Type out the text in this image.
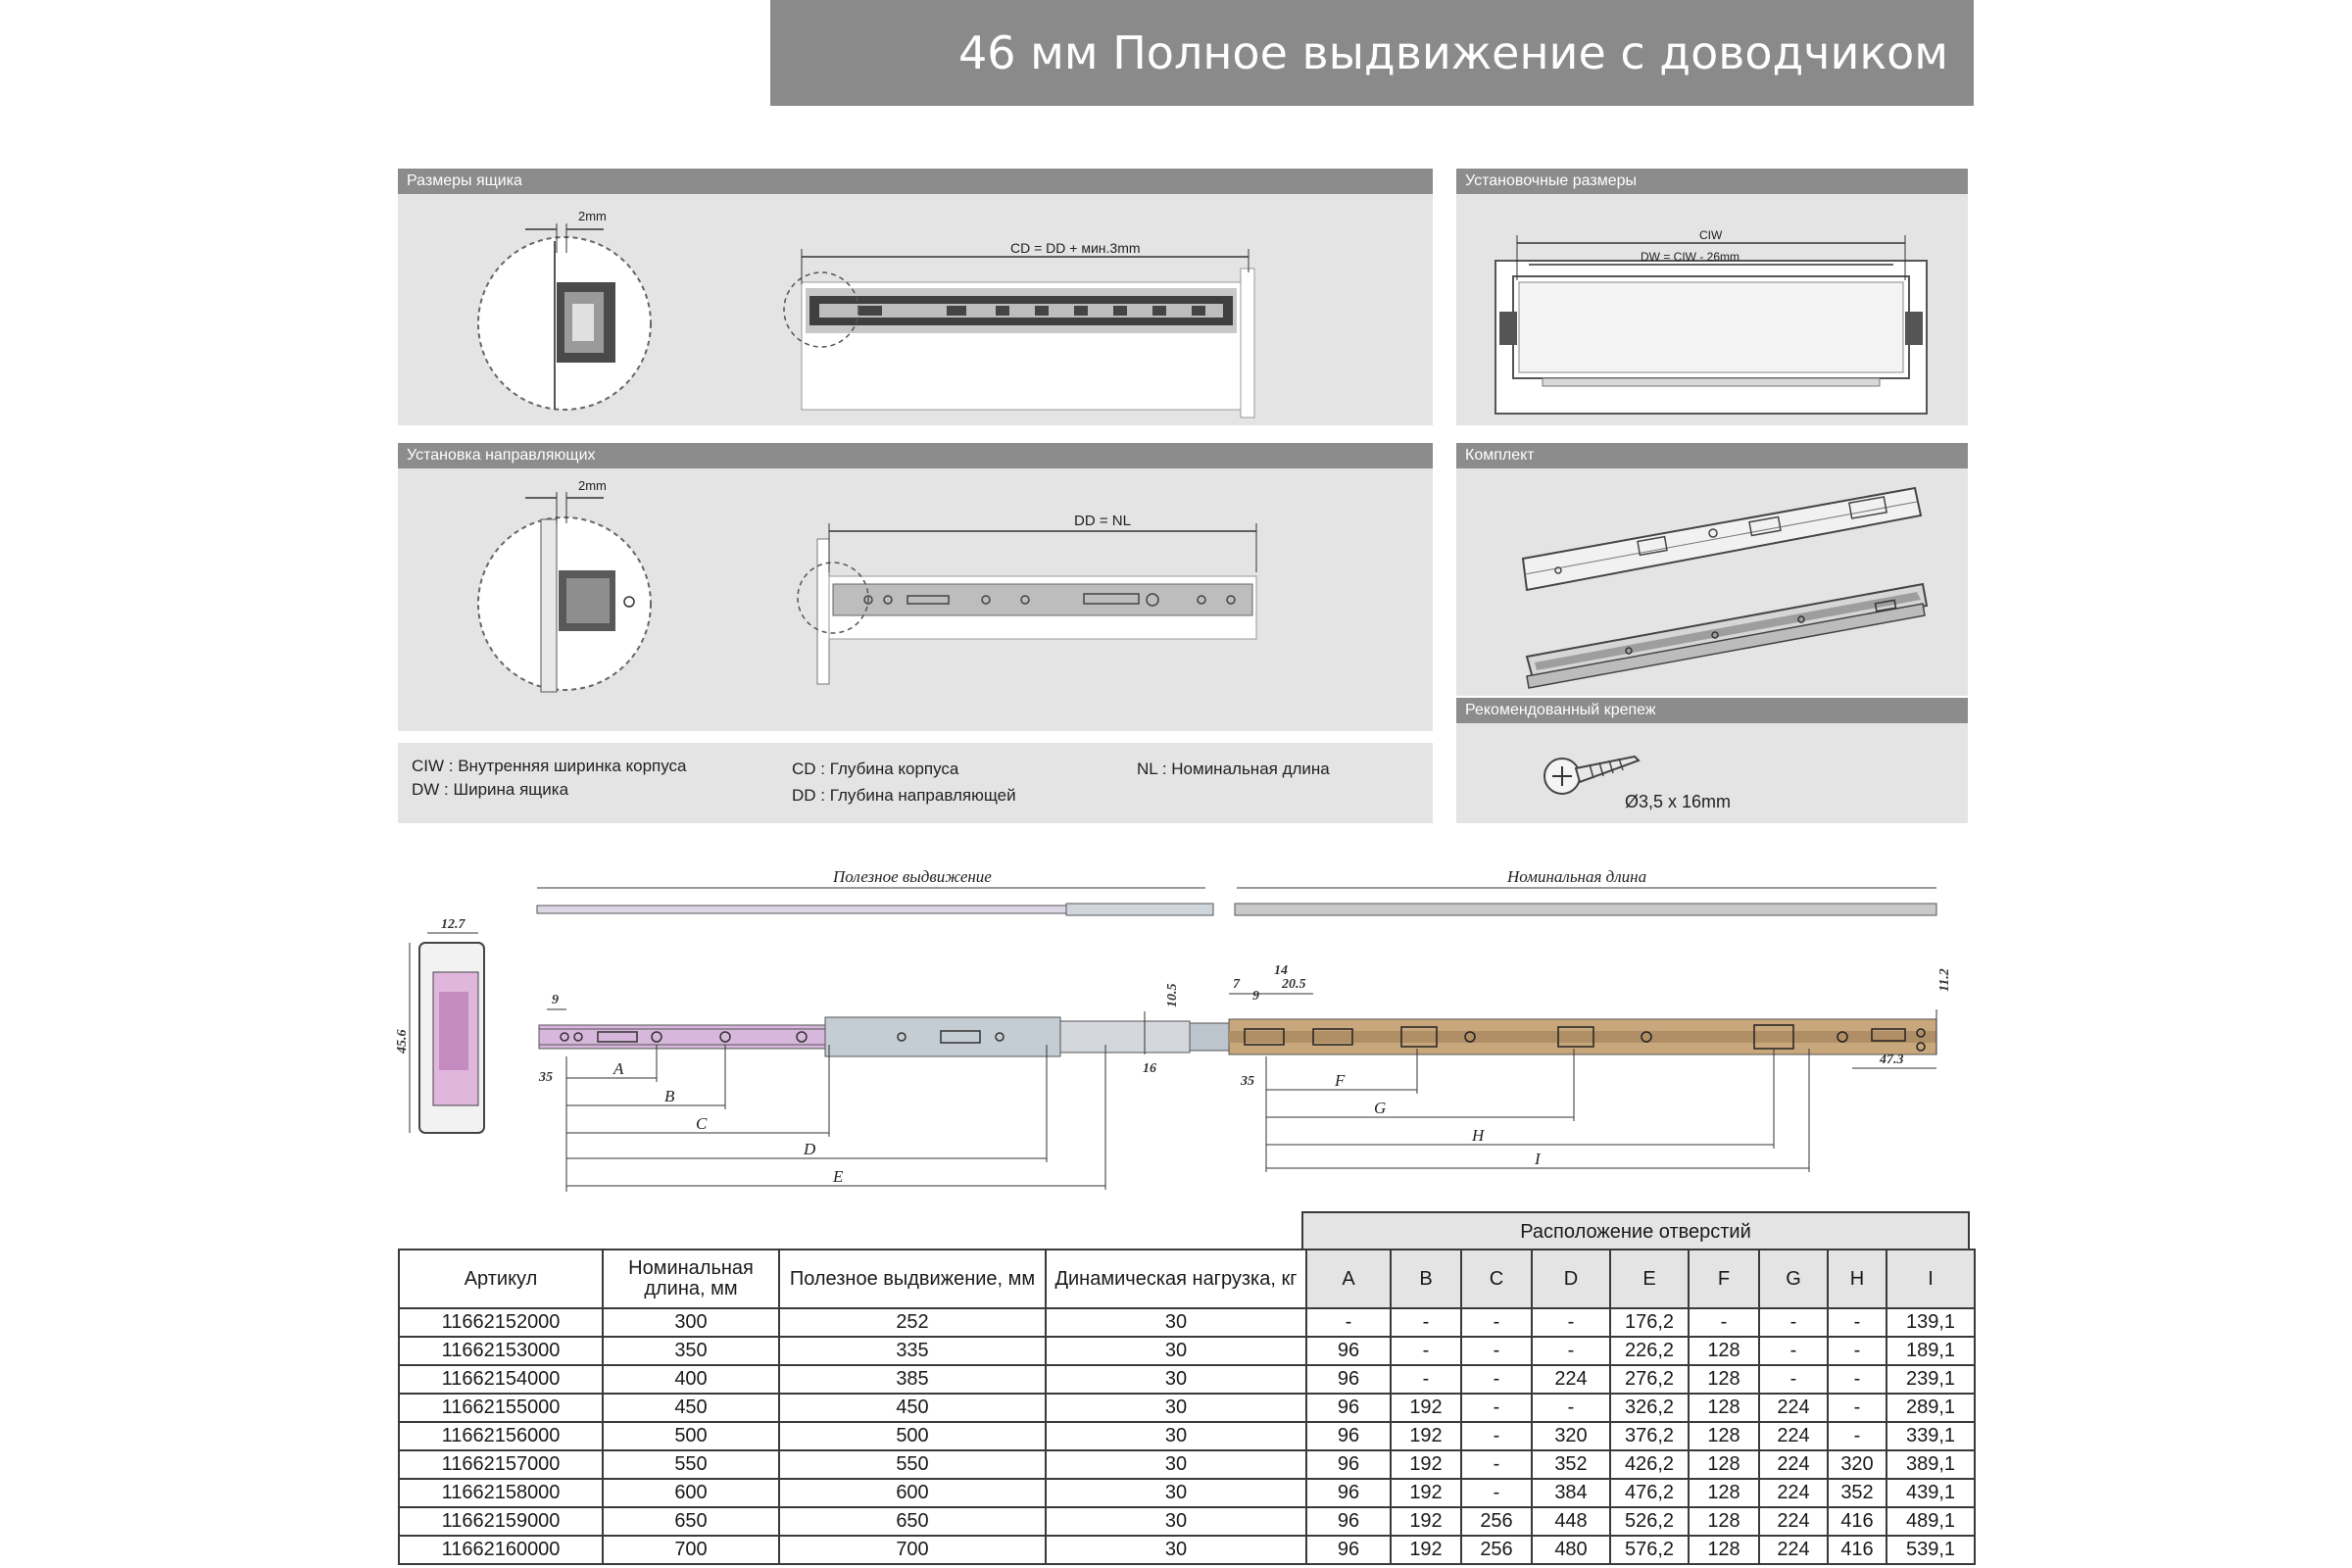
46 мм Полное выдвижение с доводчиком
Размеры ящика
2mm
CD = DD + мин.3mm
Установочные размеры
CIW
DW = CIW - 26mm
Установка направляющих
2mm
DD = NL
Комплект
Рекомендованный крепеж
Ø3,5 x 16mm
CIW : Внутренняя ширинка корпуса
DW : Ширина ящика
CD : Глубина корпуса
DD : Глубина направляющей
NL : Номинальная длина
Полезное выдвижение	Номинальная длина
12.7
45.6
9
35
10.5
16
7
9
14
20.5
35
11.2
47.3
A
B
C
D
E
F
G
H
I
Расположение отверстий
Артикул	Номинальная длина, мм	Полезное выдвижение, мм	Динамическая нагрузка, кг	A	B	C	D	E	F	G	H	I
11662152000	300	252	30	-	-	-	-	176,2	-	-	-	139,1
11662153000	350	335	30	96	-	-	-	226,2	128	-	-	189,1
11662154000	400	385	30	96	-	-	224	276,2	128	-	-	239,1
11662155000	450	450	30	96	192	-	-	326,2	128	224	-	289,1
11662156000	500	500	30	96	192	-	320	376,2	128	224	-	339,1
11662157000	550	550	30	96	192	-	352	426,2	128	224	320	389,1
11662158000	600	600	30	96	192	-	384	476,2	128	224	352	439,1
11662159000	650	650	30	96	192	256	448	526,2	128	224	416	489,1
11662160000	700	700	30	96	192	256	480	576,2	128	224	416	539,1
